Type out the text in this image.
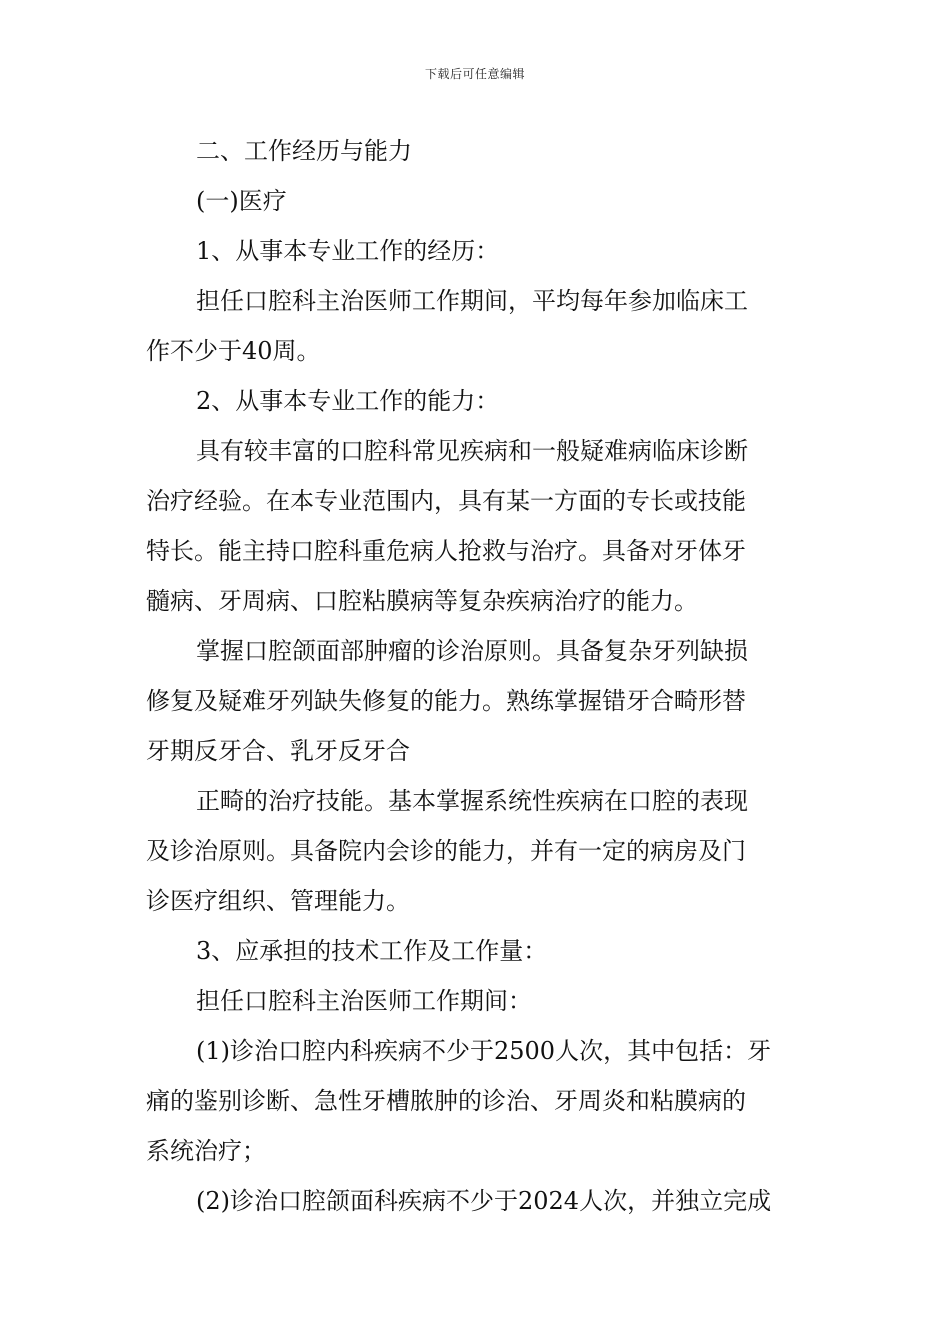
下载后可任意编辑

二、工作经历与能力

(一)医疗

1、从事本专业工作的经历：

担任口腔科主治医师工作期间，平均每年参加临床工

作不少于40周。

2、从事本专业工作的能力：

具有较丰富的口腔科常见疾病和一般疑难病临床诊断

治疗经验。在本专业范围内，具有某一方面的专长或技能

特长。能主持口腔科重危病人抢救与治疗。具备对牙体牙

髓病、牙周病、口腔粘膜病等复杂疾病治疗的能力。

掌握口腔颌面部肿瘤的诊治原则。具备复杂牙列缺损

修复及疑难牙列缺失修复的能力。熟练掌握错牙合畸形替

牙期反牙合、乳牙反牙合

正畸的治疗技能。基本掌握系统性疾病在口腔的表现

及诊治原则。具备院内会诊的能力，并有一定的病房及门

诊医疗组织、管理能力。

3、应承担的技术工作及工作量：

担任口腔科主治医师工作期间：

(1)诊治口腔内科疾病不少于2500人次，其中包括：牙

痛的鉴别诊断、急性牙槽脓肿的诊治、牙周炎和粘膜病的

系统治疗；

(2)诊治口腔颌面科疾病不少于2024人次，并独立完成
